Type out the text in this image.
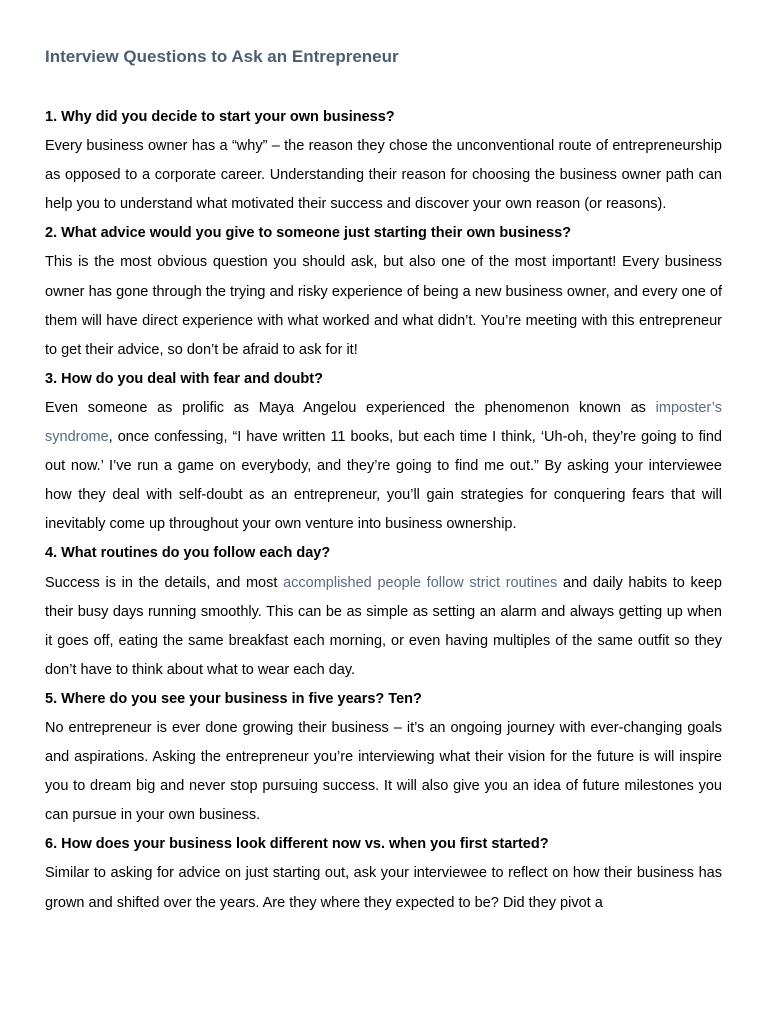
Interview Questions to Ask an Entrepreneur

1. Why did you decide to start your own business?

Every business owner has a “why” – the reason they chose the unconventional route of entrepreneurship as opposed to a corporate career. Understanding their reason for choosing the business owner path can help you to understand what motivated their success and discover your own reason (or reasons).

2. What advice would you give to someone just starting their own business?

This is the most obvious question you should ask, but also one of the most important! Every business owner has gone through the trying and risky experience of being a new business owner, and every one of them will have direct experience with what worked and what didn’t. You’re meeting with this entrepreneur to get their advice, so don’t be afraid to ask for it!

3. How do you deal with fear and doubt?

Even someone as prolific as Maya Angelou experienced the phenomenon known as imposter’s syndrome, once confessing, “I have written 11 books, but each time I think, ‘Uh-oh, they’re going to find out now.’ I’ve run a game on everybody, and they’re going to find me out.” By asking your interviewee how they deal with self-doubt as an entrepreneur, you’ll gain strategies for conquering fears that will inevitably come up throughout your own venture into business ownership.

4. What routines do you follow each day?

Success is in the details, and most accomplished people follow strict routines and daily habits to keep their busy days running smoothly. This can be as simple as setting an alarm and always getting up when it goes off, eating the same breakfast each morning, or even having multiples of the same outfit so they don’t have to think about what to wear each day.

5. Where do you see your business in five years? Ten?

No entrepreneur is ever done growing their business – it’s an ongoing journey with ever-changing goals and aspirations. Asking the entrepreneur you’re interviewing what their vision for the future is will inspire you to dream big and never stop pursuing success. It will also give you an idea of future milestones you can pursue in your own business.

6. How does your business look different now vs. when you first started?

Similar to asking for advice on just starting out, ask your interviewee to reflect on how their business has grown and shifted over the years. Are they where they expected to be? Did they pivot a
